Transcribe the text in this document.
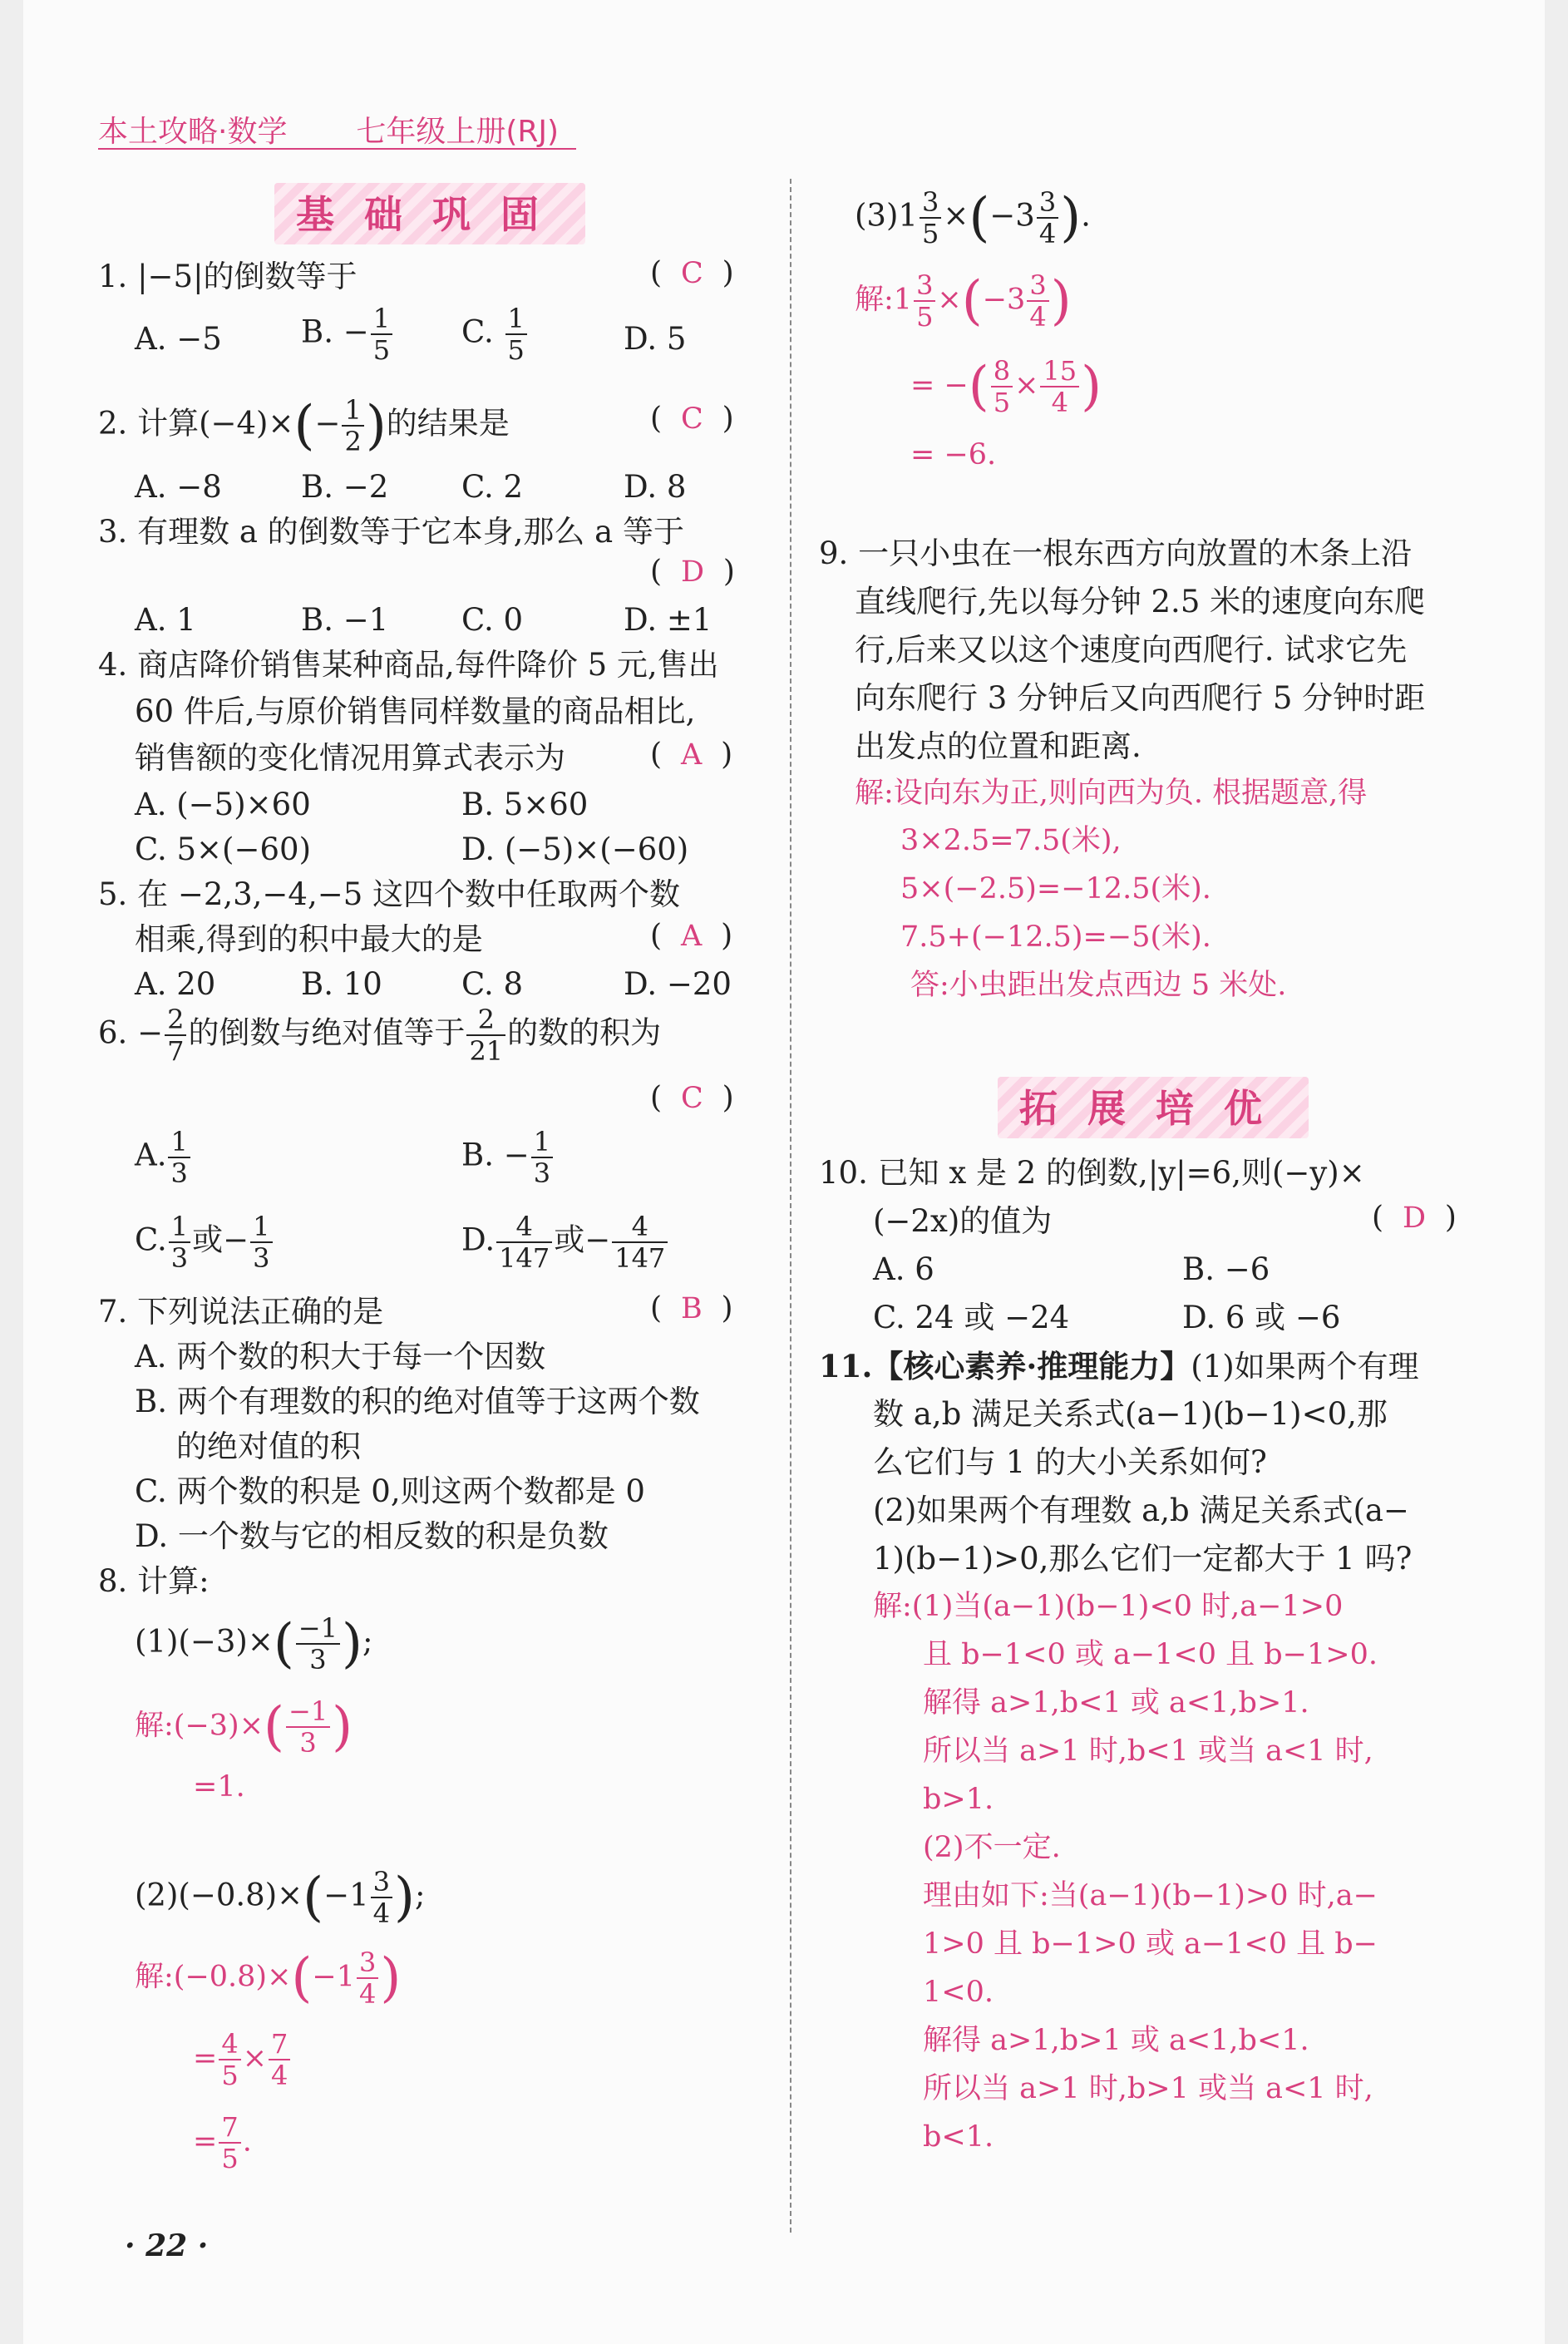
本土攻略·数学 七年级上册(RJ)
基础巩固
1. |−5|的倒数等于	(  C  )
A. −5	B. − $\frac{1}{5} C$. $\frac{1}{5}$	D. 5
2. 计算$(-4)\times(- \frac{1}{2}$ )的结果是	(  C  )
A. −8	B. −2 C. 2	D. 8
3. 有理数 a 的倒数等于它本身,那么 a 等于
(  D  )
A. 1	B. −1 C. 0	D. ±1
4. 商店降价销售某种商品,每件降价 5 元,售出
60 件后,与原价销售同样数量的商品相比,
销售额的变化情况用算式表示为	(  A  )
A. (−5)×60	B. 5×60
C. 5×(−60)	D. (−5)×(−60)
5. 在 −2,3,−4,−5 这四个数中任取两个数
相乘,得到的积中最大的是	(  A  )
A. 20	B. 10	C. 8	D. −20
6. − $\frac{2}{7}$ 的倒数与绝对值等于 $\frac{2}{21}$ 的数的积为
(  C  )
A. $\frac{1}{3}$	B. − $\frac{1}{3}$
C. $\frac{1}{3}$ 或− $\frac{1}{3}$	D. $\frac{4}{147}$ 或− $\frac{4}{147}$
7. 下列说法正确的是	(  B  )
A. 两个数的积大于每一个因数
B. 两个有理数的积的绝对值等于这两个数
的绝对值的积
C. 两个数的积是 0,则这两个数都是 0
D. 一个数与它的相反数的积是负数
8. 计算:
$(1)(-3)\times( \frac{-1}{3}$ );
解:(−3)×( $\frac{-1}{3}$ )
=1.
$(2)(-0.8)\times(-1 \frac{3}{4}$ );
解:(−0.8)×(−1 $\frac{3}{4}$ )
= $\frac{4}{5} \times \frac{7}{4}$
= $\frac{7}{5}$ .
$(3)1 \frac{3}{5} \times(-3 \frac{3}{4}$ ).
解:1 $\frac{3}{5} \times(-3 \frac{3}{4}$ )
= −( $\frac{8}{5} \times \frac{15}{4}$ )
= −6.
9. 一只小虫在一根东西方向放置的木条上沿
直线爬行,先以每分钟 2.5 米的速度向东爬
行,后来又以这个速度向西爬行. 试求它先
向东爬行 3 分钟后又向西爬行 5 分钟时距
出发点的位置和距离.
解:设向东为正,则向西为负. 根据题意,得
3×2.5=7.5(米),
5×(−2.5)=−12.5(米).
7.5+(−12.5)=−5(米).
答:小虫距出发点西边 5 米处.
拓展培优
10. 已知 x 是 2 的倒数,|y|=6,则(−y)×
(−2x)的值为	(  D  )
A. 6	B. −6
C. 24 或 −24	D. 6 或 −6
11.【核心素养·推理能力】(1)如果两个有理
数 a,b 满足关系式(a−1)(b−1)<0,那
么它们与 1 的大小关系如何?
(2)如果两个有理数 a,b 满足关系式(a−
1)(b−1)>0,那么它们一定都大于 1 吗?
解:(1)当(a−1)(b−1)<0 时,a−1>0
且 b−1<0 或 a−1<0 且 b−1>0.
解得 a>1,b<1 或 a<1,b>1.
所以当 a>1 时,b<1 或当 a<1 时,
b>1.
(2)不一定.
理由如下:当(a−1)(b−1)>0 时,a−
1>0 且 b−1>0 或 a−1<0 且 b−
1<0.
解得 a>1,b>1 或 a<1,b<1.
所以当 a>1 时,b>1 或当 a<1 时,
b<1.
· 22 ·
